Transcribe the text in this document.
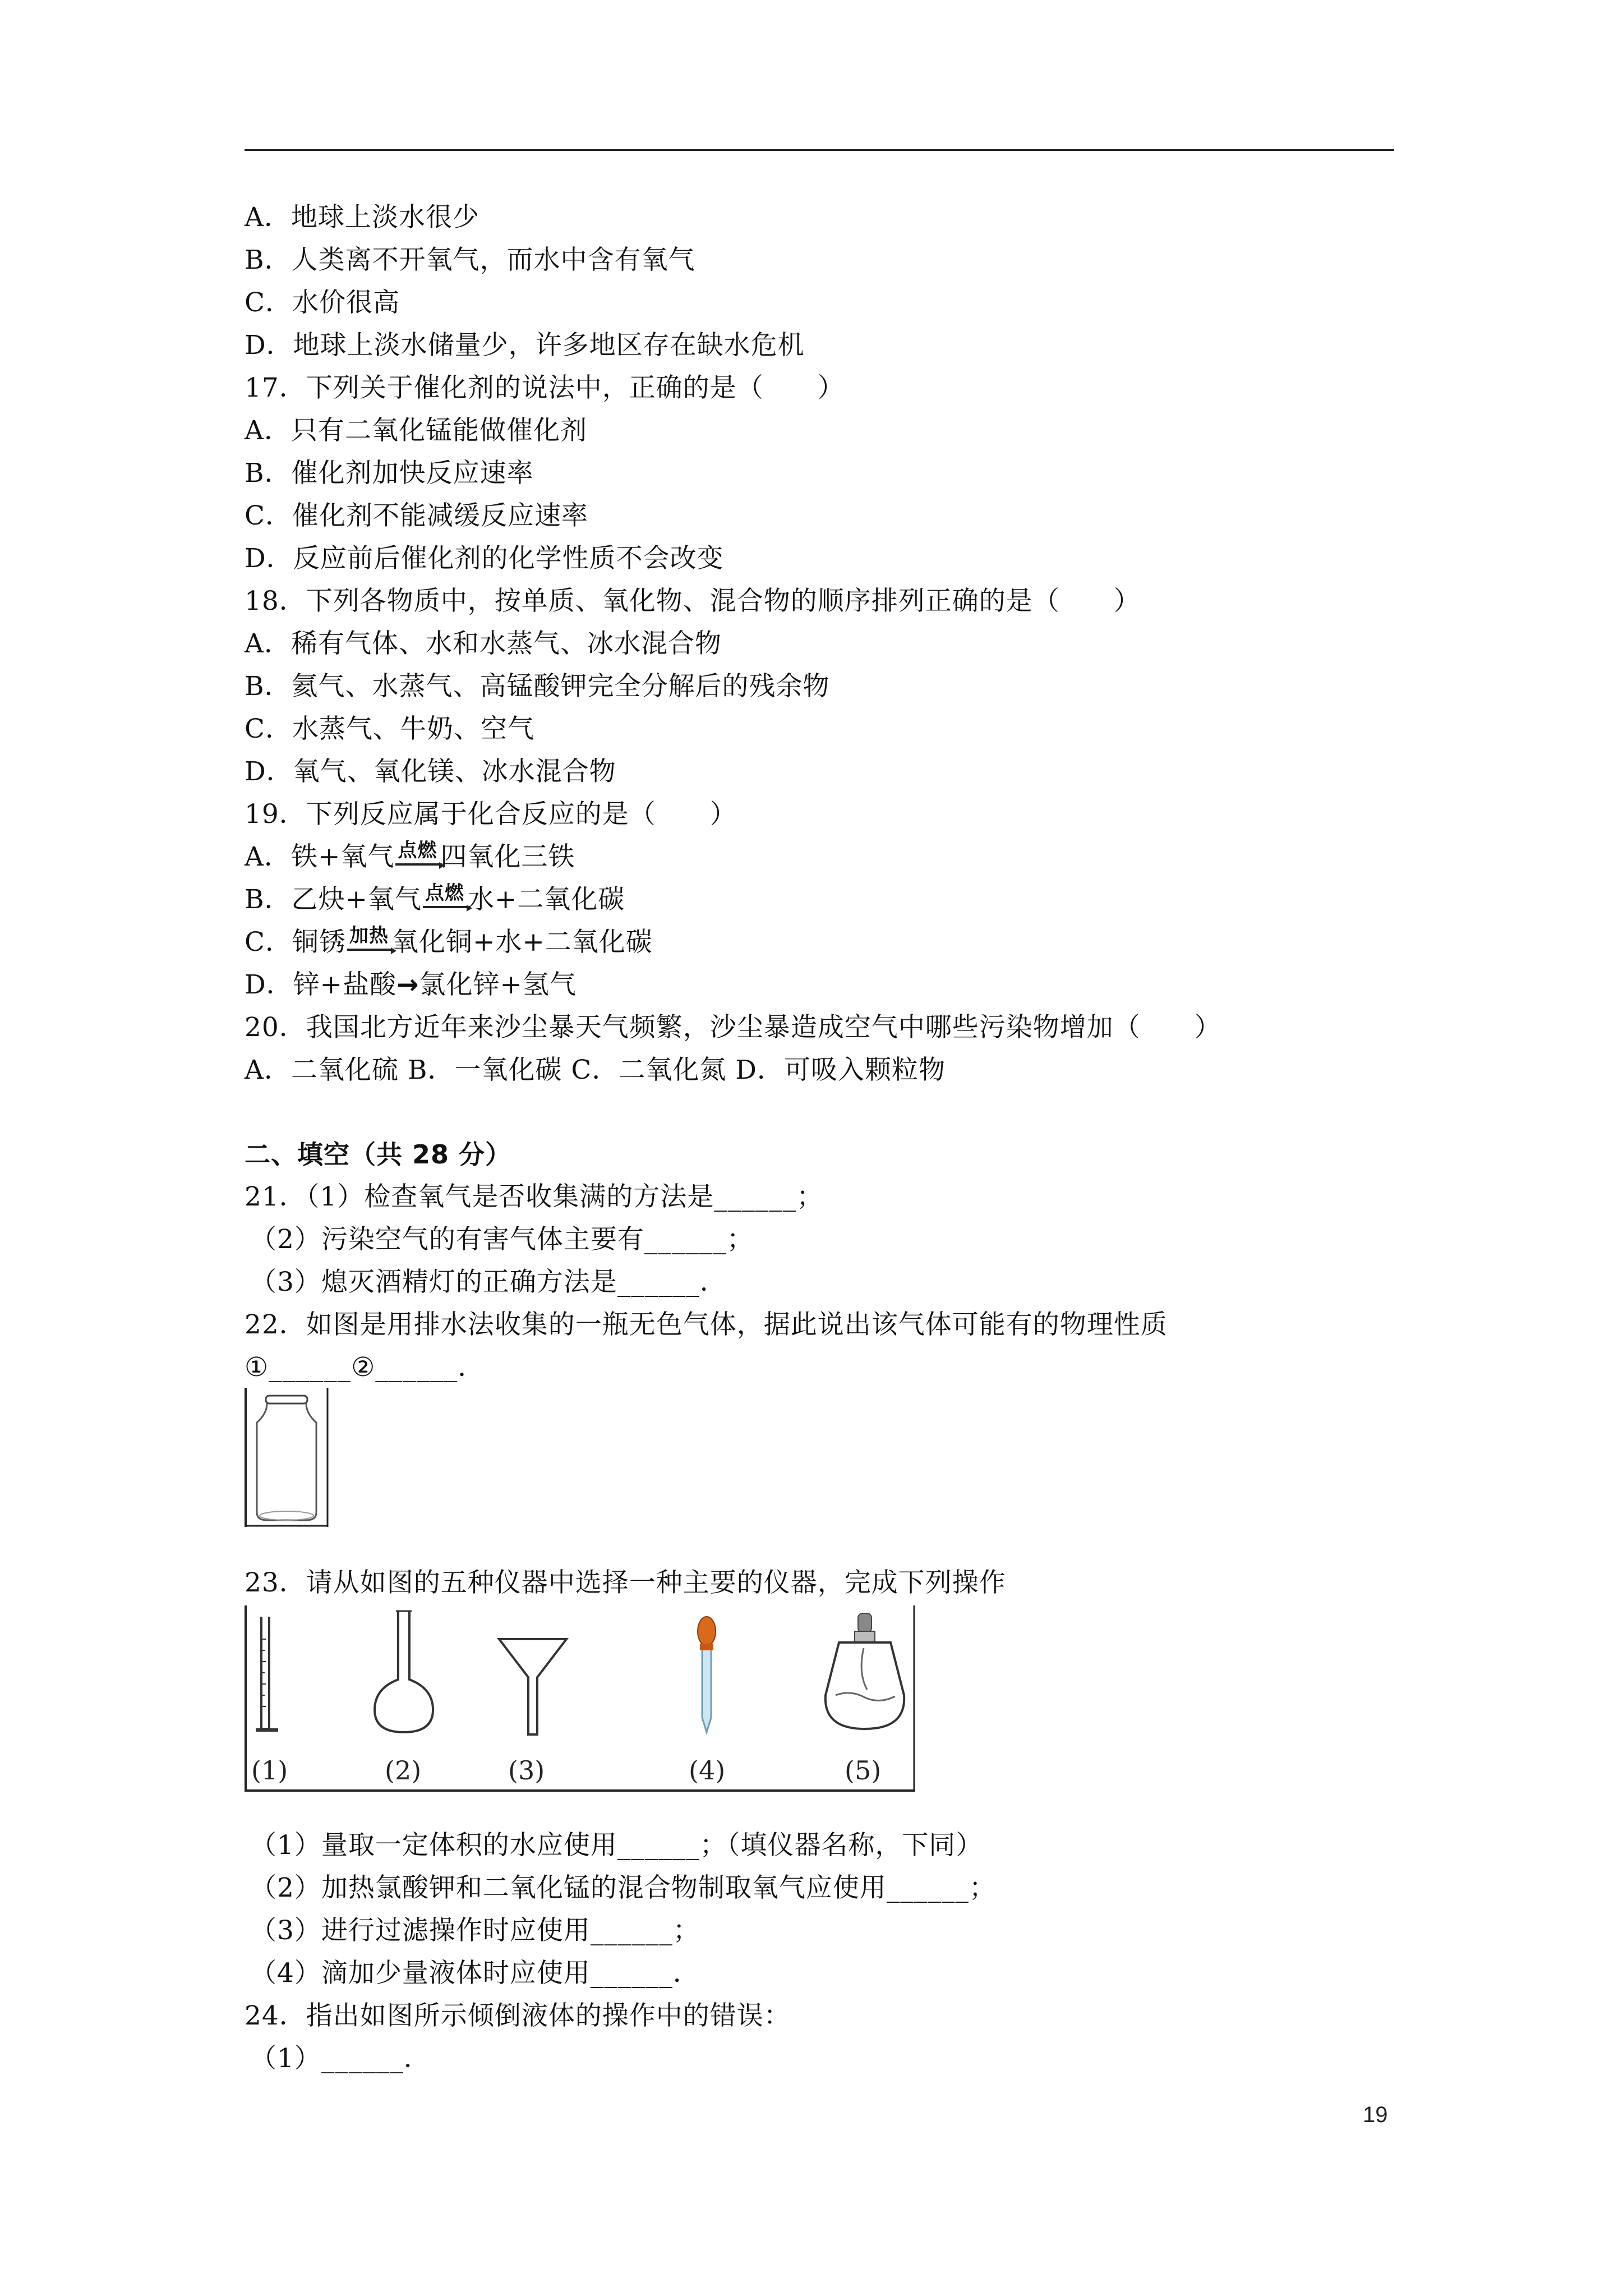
A．地球上淡水很少
B．人类离不开氧气，而水中含有氧气
C．水价很高
D．地球上淡水储量少，许多地区存在缺水危机
17．下列关于催化剂的说法中，正确的是（　　）
A．只有二氧化锰能做催化剂
B．催化剂加快反应速率
C．催化剂不能减缓反应速率
D．反应前后催化剂的化学性质不会改变
18．下列各物质中，按单质、氧化物、混合物的顺序排列正确的是（　　）
A．稀有气体、水和水蒸气、冰水混合物
B．氦气、水蒸气、高锰酸钾完全分解后的残余物
C．水蒸气、牛奶、空气
D．氧气、氧化镁、冰水混合物
19．下列反应属于化合反应的是（　　）
A．铁+氧气 点燃 四氧化三铁
B．乙炔+氧气 点燃 水+二氧化碳
C．铜锈 加热 氧化铜+水+二氧化碳
D．锌+盐酸→氯化锌+氢气
20．我国北方近年来沙尘暴天气频繁，沙尘暴造成空气中哪些污染物增加（　　）
A．二氧化硫 B．一氧化碳 C．二氧化氮 D．可吸入颗粒物
二、填空（共 28 分）
21．（1）检查氧气是否收集满的方法是______；
（2）污染空气的有害气体主要有______；
（3）熄灭酒精灯的正确方法是______．
22．如图是用排水法收集的一瓶无色气体，据此说出该气体可能有的物理性质
①______②______．
23．请从如图的五种仪器中选择一种主要的仪器，完成下列操作
(1)	(2)	(3)	(4)	(5)
（1）量取一定体积的水应使用______；（填仪器名称，下同）
（2）加热氯酸钾和二氧化锰的混合物制取氧气应使用______；
（3）进行过滤操作时应使用______；
（4）滴加少量液体时应使用______．
24．指出如图所示倾倒液体的操作中的错误：
（1）______．
19
